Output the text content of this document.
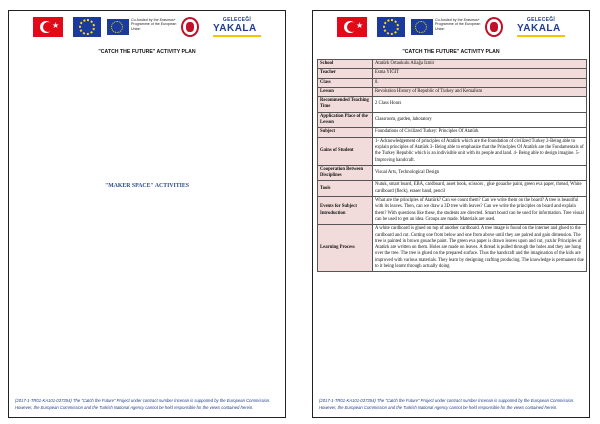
★
Co-funded by the Erasmus+ Programme of the European Union
GELECEĞİ
YAKALA
"CATCH THE FUTURE" ACTIVITY PLAN
"MAKER SPACE" ACTIVITIES
(2017-1-TR01-KA101-037354) The "Catch the Future" Project under contract number İncenan is supported by the European Commission. However, the European Commission and the Turkish National Agency cannot be held responsible for the views contained herein.
★
Co-funded by the Erasmus+ Programme of the European Union
GELECEĞİ
YAKALA
"CATCH THE FUTURE" ACTIVITY PLAN
School	Atatürk Ortaokulu Aliağa İzmir
Teacher	Esma YİĞİT
Class	8.
Lesson	Revolution History of Republic of Turkey and Kemalism
Recommended Teaching Time	2 Class Hours
Application Place of the Lesson	Classroom, garden, laboratory
Subject	Foundations of Civilized Turkey: Principles Of Atatürk
Gains of Student	1- Acknowledgement of principles of Atatürk which are the foundation of civilized Turkey 2-Being able to explain principles of Atatürk 3- Being able to emphasize that the Principles Of Atatürk are the Fundamentals of the Turkey Republic which is an indivisible unit with its people and land. 4- Being able to design imagine. 5- Improving handcraft.
Cooperation Between Disciplines	Visual Arts, Technological Design
Tools	Nutuk, smart board, EBA, cardboard, asset book, scissors , glue gouache paint, green eva paper, thread, White cardboard (fleck), eraser band, pencil
Events for Subject Introduction	What are the principles of Atatürk? Can we count them? Can we write them on the board? A tree is beautiful with its leaves. Then, can we draw a 3D tree with leaves? Can we write the principles on board and explain them? With questions like these, the students are directed. Smart board can be used for information. Tree visual can be used to get an idea. Groups are made. Materials are used.
Learning Process	A white cardboard is glued on top of another cardboard. A tree image is found on the internet and glued to the cardboard and cut. Cutting one from below and one from above until they are paired and gain dimension. The tree is painted in brown gouache paint. The green eva paper is drawn leaves upon and cut, yazılır Principles of Atatürk are written on them. Holes are made on leaves. A thread is pulled through the holes and they are hung over the tree. The tree is glued on the prepared surface. Thus the handcraft and the imagination of the kids are improved with various materials. They learn by designing crafting producing. The knowledge is permanent due to it being learnt through actually doing
(2017-1-TR01-KA101-037354) The "Catch the Future" Project under contract number İncenan is supported by the European Commission. However, the European Commission and the Turkish National Agency cannot be held responsible for the views contained herein.
